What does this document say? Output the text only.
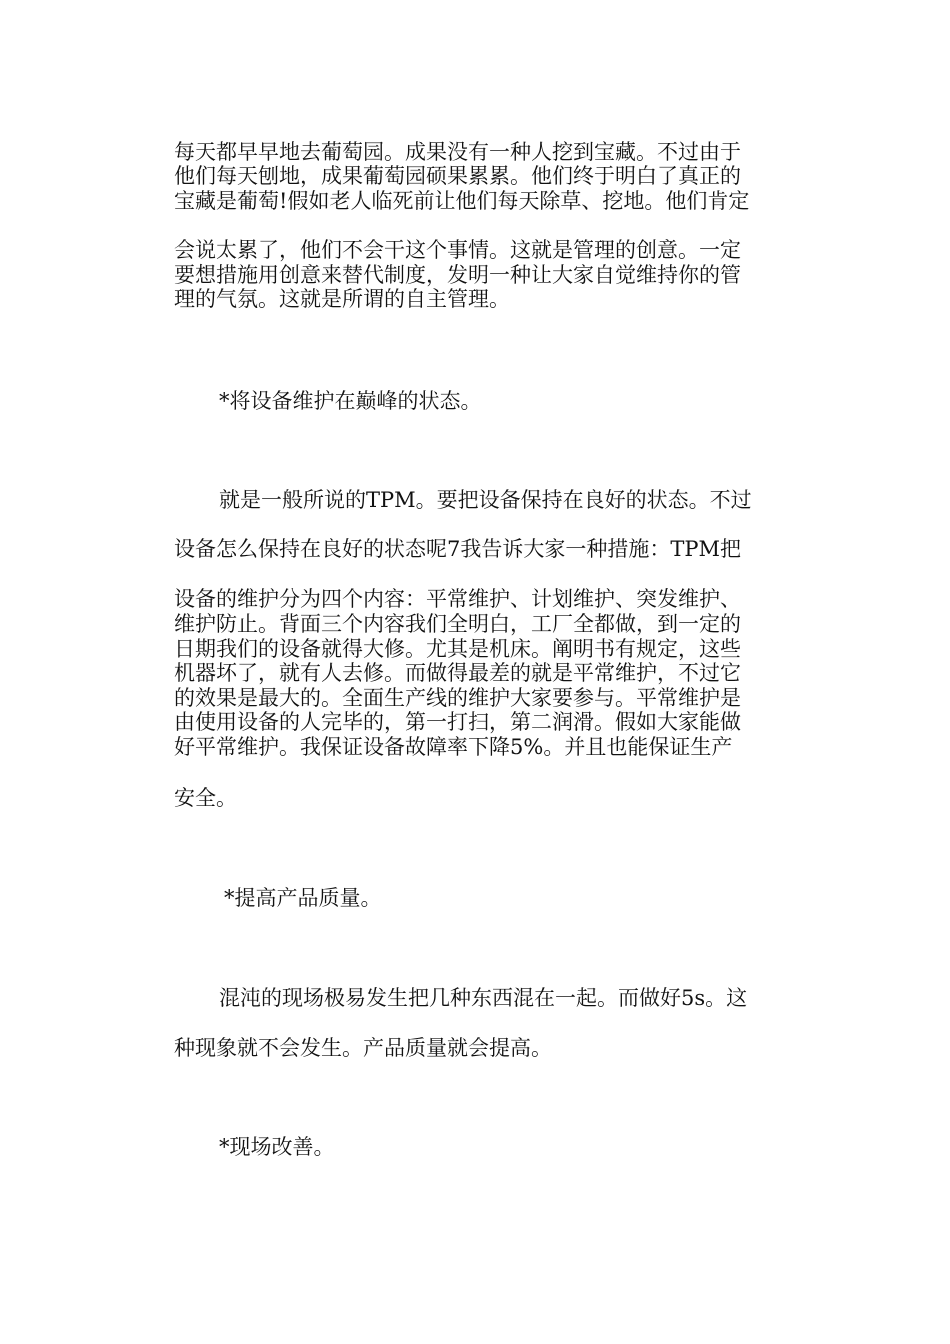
每天都早早地去葡萄园。成果没有一种人挖到宝藏。不过由于
他们每天刨地，成果葡萄园硕果累累。他们终于明白了真正的
宝藏是葡萄!假如老人临死前让他们每天除草、挖地。他们肯定
会说太累了，他们不会干这个事情。这就是管理的创意。一定
要想措施用创意来替代制度，发明一种让大家自觉维持你的管
理的气氛。这就是所谓的自主管理。
*将设备维护在巅峰的状态。
就是一般所说的TPM。要把设备保持在良好的状态。不过
设备怎么保持在良好的状态呢7我告诉大家一种措施：TPM把
设备的维护分为四个内容：平常维护、计划维护、突发维护、
维护防止。背面三个内容我们全明白，工厂全都做，到一定的
日期我们的设备就得大修。尤其是机床。阐明书有规定，这些
机器坏了，就有人去修。而做得最差的就是平常维护，不过它
的效果是最大的。全面生产线的维护大家要参与。平常维护是
由使用设备的人完毕的，第一打扫，第二润滑。假如大家能做
好平常维护。我保证设备故障率下降5%。并且也能保证生产
安全。
*提高产品质量。
混沌的现场极易发生把几种东西混在一起。而做好5s。这
种现象就不会发生。产品质量就会提高。
*现场改善。
